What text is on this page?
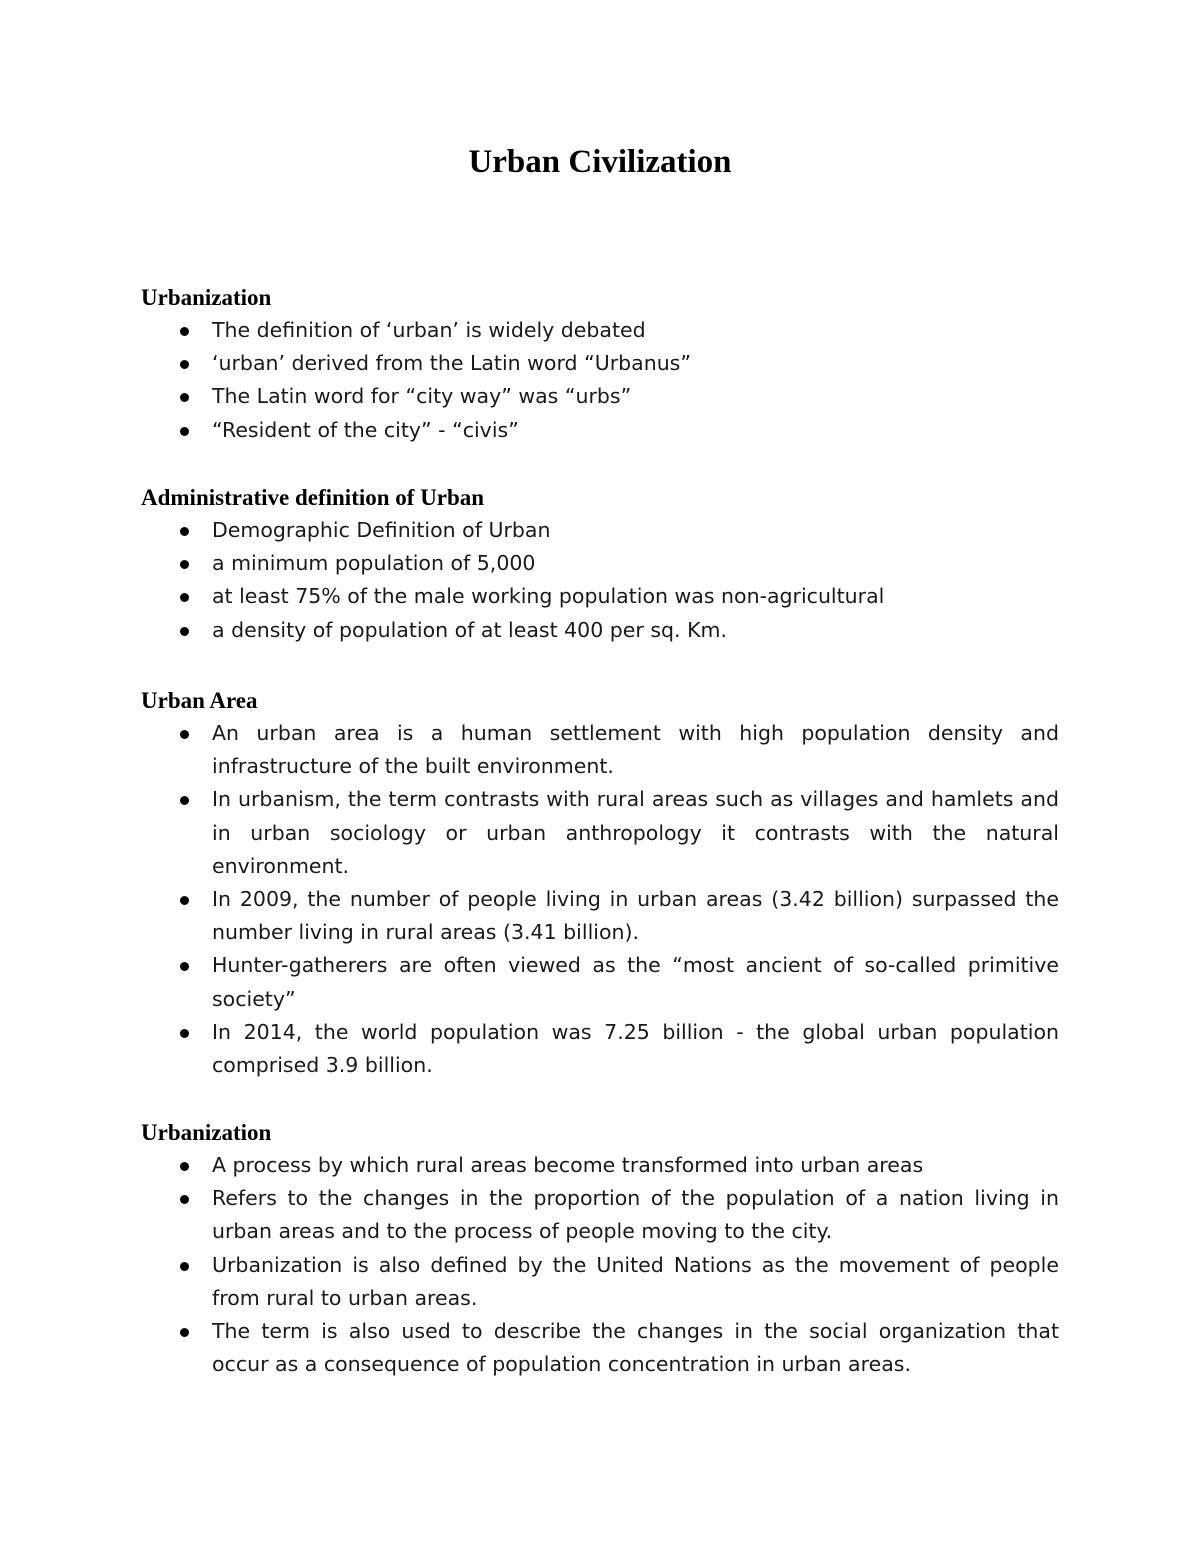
Urban Civilization
Urbanization
The definition of ‘urban’ is widely debated
‘urban’ derived from the Latin word “Urbanus”
The Latin word for “city way” was “urbs”
“Resident of the city” - “civis”
Administrative definition of Urban
Demographic Definition of Urban
a minimum population of 5,000
at least 75% of the male working population was non-agricultural
a density of population of at least 400 per sq. Km.
Urban Area
An urban area is a human settlement with high population density and infrastructure of the built environment.
In urbanism, the term contrasts with rural areas such as villages and hamlets and in urban sociology or urban anthropology it contrasts with the natural environment.
In 2009, the number of people living in urban areas (3.42 billion) surpassed the number living in rural areas (3.41 billion).
Hunter-gatherers are often viewed as the “most ancient of so-called primitive society”
In 2014, the world population was 7.25 billion - the global urban population comprised 3.9 billion.
Urbanization
A process by which rural areas become transformed into urban areas
Refers to the changes in the proportion of the population of a nation living in urban areas and to the process of people moving to the city.
Urbanization is also defined by the United Nations as the movement of people from rural to urban areas.
The term is also used to describe the changes in the social organization that occur as a consequence of population concentration in urban areas.
